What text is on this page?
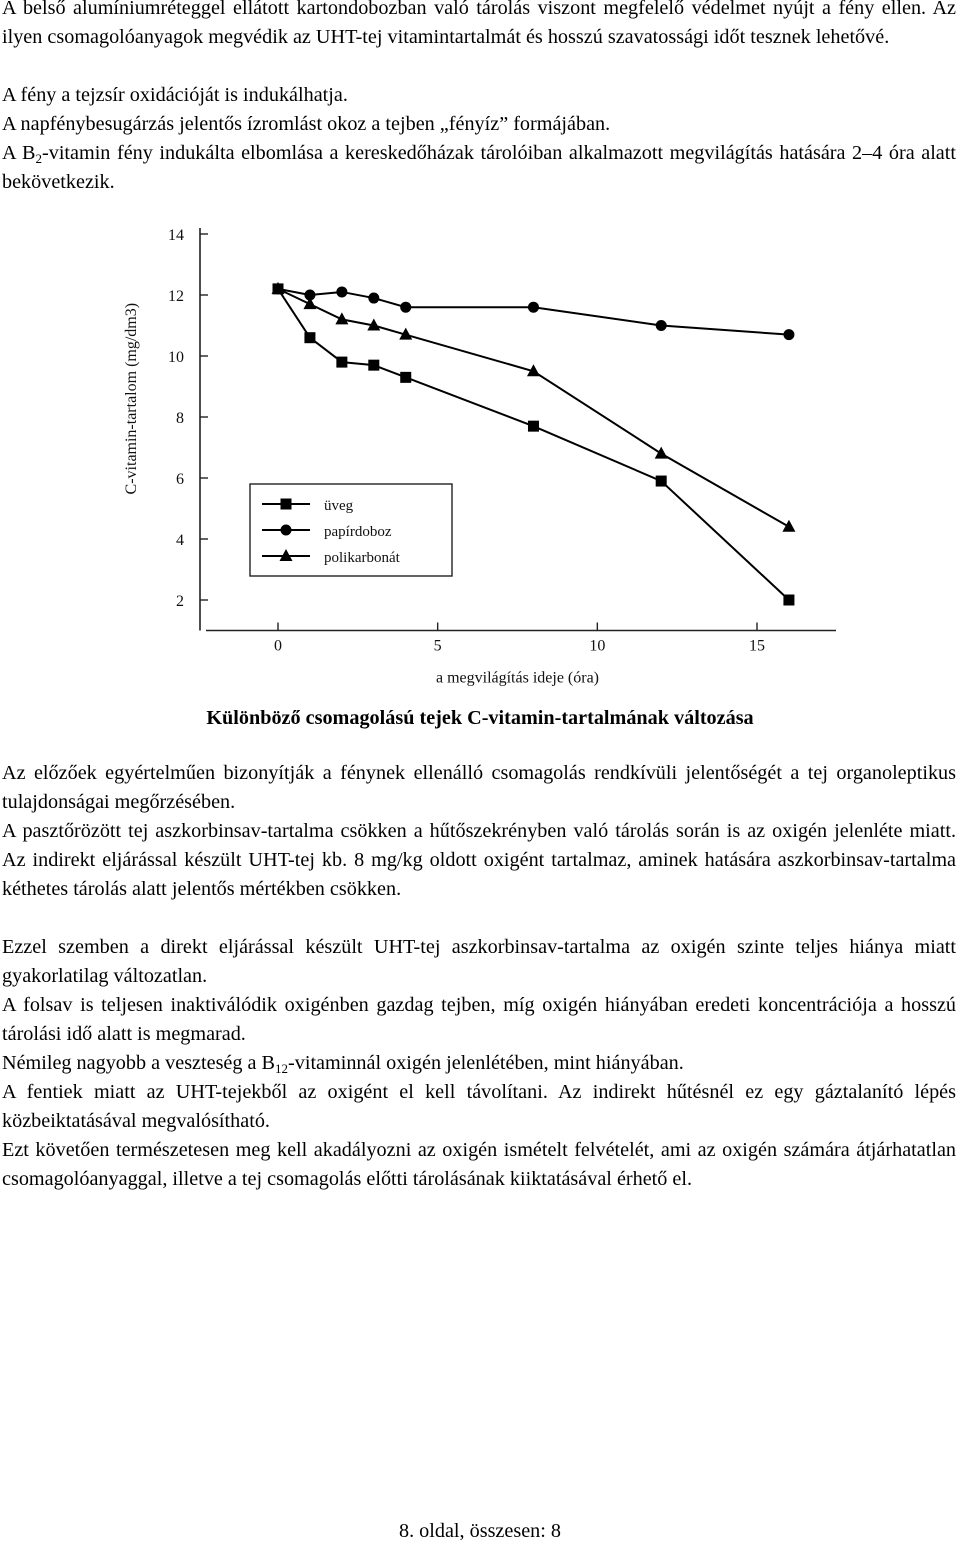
A belső alumíniumréteggel ellátott kartondobozban való tárolás viszont megfelelő védelmet nyújt a fény ellen. Az ilyen csomagolóanyagok megvédik az UHT-tej vitamintartalmát és hosszú szavatossági időt tesznek lehetővé.

A fény a tejzsír oxidációját is indukálhatja.

A napfénybesugárzás jelentős ízromlást okoz a tejben „fényíz” formájában.

A $B_2$-vitamin fény indukálta elbomlása a kereskedőházak tárolóiban alkalmazott megvilágítás hatására 2–4 óra alatt bekövetkezik.

2
4
6
8
10
12
14
0	5	10	15
a megvilágítás ideje (óra)
C-vitamin-tartalom (mg/dm3)
üveg
papírdoboz
polikarbonát
Különböző csomagolású tejek C-vitamin-tartalmának változása

Az előzőek egyértelműen bizonyítják a fénynek ellenálló csomagolás rendkívüli jelentőségét a tej organoleptikus tulajdonságai megőrzésében.

A pasztőrözött tej aszkorbinsav-tartalma csökken a hűtőszekrényben való tárolás során is az oxigén jelenléte miatt. Az indirekt eljárással készült UHT-tej kb. 8 mg/kg oldott oxigént tartalmaz, aminek hatására aszkorbinsav-tartalma kéthetes tárolás alatt jelentős mértékben csökken.

Ezzel szemben a direkt eljárással készült UHT-tej aszkorbinsav-tartalma az oxigén szinte teljes hiánya miatt gyakorlatilag változatlan.

A folsav is teljesen inaktiválódik oxigénben gazdag tejben, míg oxigén hiányában eredeti koncentrációja a hosszú tárolási idő alatt is megmarad.

Némileg nagyobb a veszteség a $B_{12}$-vitaminnál oxigén jelenlétében, mint hiányában.

A fentiek miatt az UHT-tejekből az oxigént el kell távolítani. Az indirekt hűtésnél ez egy gáztalanító lépés közbeiktatásával megvalósítható.

Ezt követően természetesen meg kell akadályozni az oxigén ismételt felvételét, ami az oxigén számára átjárhatatlan csomagolóanyaggal, illetve a tej csomagolás előtti tárolásának kiiktatásával érhető el.

8. oldal, összesen: 8
